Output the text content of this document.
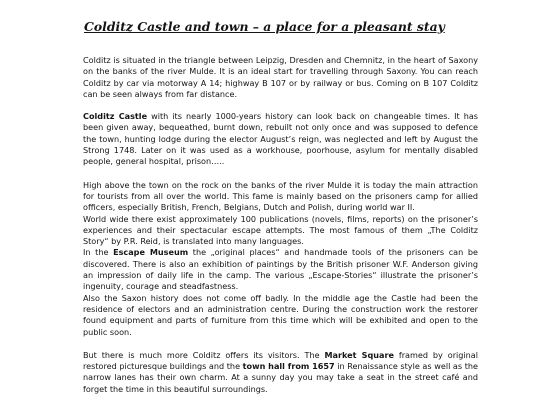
Colditz Castle and town – a place for a pleasant stay

Colditz is situated in the triangle between Leipzig, Dresden and Chemnitz, in the heart of Saxony on the banks of the river Mulde. It is an ideal start for travelling through Saxony. You can reach Colditz by car via motorway A 14; highway B 107 or by railway or bus. Coming on B 107 Colditz can be seen always from far distance.

Colditz Castle with its nearly 1000-years history can look back on changeable times. It has been given away, bequeathed, burnt down, rebuilt not only once and was supposed to defence the town, hunting lodge during the elector August’s reign, was neglected and left by August the Strong 1748. Later on it was used as a workhouse, poorhouse, asylum for mentally disabled people, general hospital, prison…..

High above the town on the rock on the banks of the river Mulde it is today the main attraction for tourists from all over the world. This fame is mainly based on the prisoners camp for allied officers, especially British, French, Belgians, Dutch and Polish, during world war II.

World wide there exist approximately 100 publications (novels, films, reports) on the prisoner’s experiences and their spectacular escape attempts. The most famous of them „The Colditz Story“ by P.R. Reid, is translated into many languages.

In the Escape Museum the „original places“ and handmade tools of the prisoners can be discovered. There is also an exhibition of paintings by the British prisoner W.F. Anderson giving an impression of daily life in the camp. The various „Escape-Stories“ illustrate the prisoner’s ingenuity, courage and steadfastness.

Also the Saxon history does not come off badly. In the middle age the Castle had been the residence of electors and an administration centre. During the construction work the restorer found equipment and parts of furniture from this time which will be exhibited and open to the public soon.

But there is much more Colditz offers its visitors. The Market Square framed by original restored picturesque buildings and the town hall from 1657 in Renaissance style as well as the narrow lanes has their own charm. At a sunny day you may take a seat in the street café and forget the time in this beautiful surroundings.
